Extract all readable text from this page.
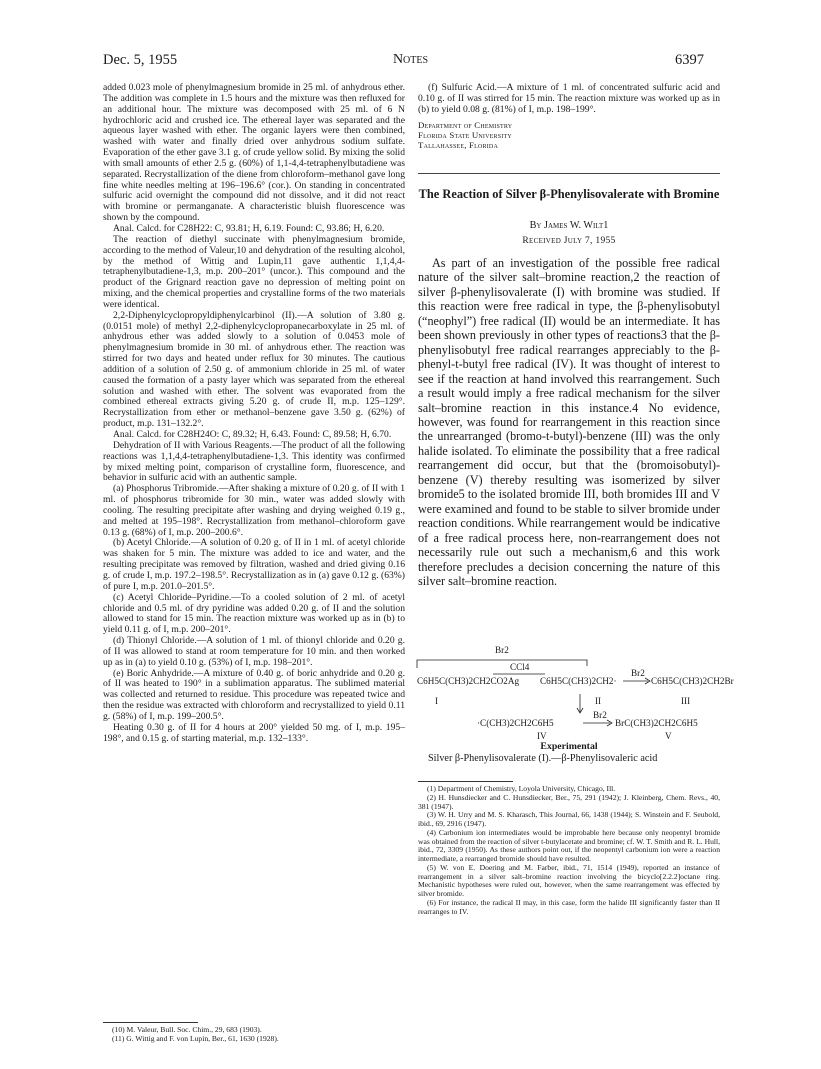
Dec. 5, 1955	Notes	6397

added 0.023 mole of phenylmagnesium bromide in 25 ml. of anhydrous ether. The addition was complete in 1.5 hours and the mixture was then refluxed for an additional hour. The mixture was decomposed with 25 ml. of 6 N hydrochloric acid and crushed ice. The ethereal layer was separated and the aqueous layer washed with ether. The organic layers were then combined, washed with water and finally dried over anhydrous sodium sulfate. Evaporation of the ether gave 3.1 g. of crude yellow solid. By mixing the solid with small amounts of ether 2.5 g. (60%) of 1,1-4,4-tetraphenylbutadiene was separated. Recrystallization of the diene from chloroform–methanol gave long fine white needles melting at 196–196.6° (cor.). On standing in concentrated sulfuric acid overnight the compound did not dissolve, and it did not react with bromine or permanganate. A characteristic bluish fluorescence was shown by the compound.

Anal. Calcd. for C28H22: C, 93.81; H, 6.19. Found: C, 93.86; H, 6.20.

The reaction of diethyl succinate with phenylmagnesium bromide, according to the method of Valeur,10 and dehydration of the resulting alcohol, by the method of Wittig and Lupin,11 gave authentic 1,1,4,4-tetraphenylbutadiene-1,3, m.p. 200–201° (uncor.). This compound and the product of the Grignard reaction gave no depression of melting point on mixing, and the chemical properties and crystalline forms of the two materials were identical.

2,2-Diphenylcyclopropyldiphenylcarbinol (II).—A solution of 3.80 g. (0.0151 mole) of methyl 2,2-diphenylcyclopropanecarboxylate in 25 ml. of anhydrous ether was added slowly to a solution of 0.0453 mole of phenylmagnesium bromide in 30 ml. of anhydrous ether. The reaction was stirred for two days and heated under reflux for 30 minutes. The cautious addition of a solution of 2.50 g. of ammonium chloride in 25 ml. of water caused the formation of a pasty layer which was separated from the ethereal solution and washed with ether. The solvent was evaporated from the combined ethereal extracts giving 5.20 g. of crude II, m.p. 125–129°. Recrystallization from ether or methanol–benzene gave 3.50 g. (62%) of product, m.p. 131–132.2°.

Anal. Calcd. for C28H24O: C, 89.32; H, 6.43. Found: C, 89.58; H, 6.70.

Dehydration of II with Various Reagents.—The product of all the following reactions was 1,1,4,4-tetraphenylbutadiene-1,3. This identity was confirmed by mixed melting point, comparison of crystalline form, fluorescence, and behavior in sulfuric acid with an authentic sample.

(a) Phosphorus Tribromide.—After shaking a mixture of 0.20 g. of II with 1 ml. of phosphorus tribromide for 30 min., water was added slowly with cooling. The resulting precipitate after washing and drying weighed 0.19 g., and melted at 195–198°. Recrystallization from methanol–chloroform gave 0.13 g. (68%) of I, m.p. 200–200.6°.

(b) Acetyl Chloride.—A solution of 0.20 g. of II in 1 ml. of acetyl chloride was shaken for 5 min. The mixture was added to ice and water, and the resulting precipitate was removed by filtration, washed and dried giving 0.16 g. of crude I, m.p. 197.2–198.5°. Recrystallization as in (a) gave 0.12 g. (63%) of pure I, m.p. 201.0–201.5°.

(c) Acetyl Chloride–Pyridine.—To a cooled solution of 2 ml. of acetyl chloride and 0.5 ml. of dry pyridine was added 0.20 g. of II and the solution allowed to stand for 15 min. The reaction mixture was worked up as in (b) to yield 0.11 g. of I, m.p. 200–201°.

(d) Thionyl Chloride.—A solution of 1 ml. of thionyl chloride and 0.20 g. of II was allowed to stand at room temperature for 10 min. and then worked up as in (a) to yield 0.10 g. (53%) of I, m.p. 198–201°.

(e) Boric Anhydride.—A mixture of 0.40 g. of boric anhydride and 0.20 g. of II was heated to 190° in a sublimation apparatus. The sublimed material was collected and returned to residue. This procedure was repeated twice and then the residue was extracted with chloroform and recrystallized to yield 0.11 g. (58%) of I, m.p. 199–200.5°.

Heating 0.30 g. of II for 4 hours at 200° yielded 50 mg. of I, m.p. 195–198°, and 0.15 g. of starting material, m.p. 132–133°.

(10) M. Valeur, Bull. Soc. Chim., 29, 683 (1903).

(11) G. Wittig and F. von Lupin, Ber., 61, 1630 (1928).

(f) Sulfuric Acid.—A mixture of 1 ml. of concentrated sulfuric acid and 0.10 g. of II was stirred for 15 min. The reaction mixture was worked up as in (b) to yield 0.08 g. (81%) of I, m.p. 198–199°.

Department of Chemistry
Florida State University
Tallahassee, Florida
The Reaction of Silver β-Phenylisovalerate with Bromine
By James W. Wilt1
Received July 7, 1955

As part of an investigation of the possible free radical nature of the silver salt–bromine reaction,2 the reaction of silver β-phenylisovalerate (I) with bromine was studied. If this reaction were free radical in type, the β-phenylisobutyl (“neophyl”) free radical (II) would be an intermediate. It has been shown previously in other types of reactions3 that the β-phenylisobutyl free radical rearranges appreciably to the β-phenyl-t-butyl free radical (IV). It was thought of interest to see if the reaction at hand involved this rearrangement. Such a result would imply a free radical mechanism for the silver salt–bromine reaction in this instance.4 No evidence, however, was found for rearrangement in this reaction since the unrearranged (bromo-t-butyl)-benzene (III) was the only halide isolated. To eliminate the possibility that a free radical rearrangement did occur, but that the (bromoisobutyl)-benzene (V) thereby resulting was isomerized by silver bromide5 to the isolated bromide III, both bromides III and V were examined and found to be stable to silver bromide under reaction conditions. While rearrangement would be indicative of a free radical process here, non-rearrangement does not necessarily rule out such a mechanism,6 and this work therefore precludes a decision concerning the nature of this silver salt–bromine reaction.

Br2
CCl4
C6H5C(CH3)2CH2CO2Ag C6H5C(CH3)2CH2·
Br2
C6H5C(CH3)2CH2Br
I	II	III
·C(CH3)2CH2C6H5
Br2
BrC(CH3)2CH2C6H5
IV	V
Experimental
Silver β-Phenylisovalerate (I).—β-Phenylisovaleric acid

(1) Department of Chemistry, Loyola University, Chicago, Ill.

(2) H. Hunsdiecker and C. Hunsdiecker, Ber., 75, 291 (1942); J. Kleinberg, Chem. Revs., 40, 381 (1947).

(3) W. H. Urry and M. S. Kharasch, This Journal, 66, 1438 (1944); S. Winstein and F. Seubold, ibid., 69, 2916 (1947).

(4) Carbonium ion intermediates would be improbable here because only neopentyl bromide was obtained from the reaction of silver t-butylacetate and bromine; cf. W. T. Smith and R. L. Hull, ibid., 72, 3309 (1950). As these authors point out, if the neopentyl carbonium ion were a reaction intermediate, a rearranged bromide should have resulted.

(5) W. von E. Doering and M. Farber, ibid., 71, 1514 (1949), reported an instance of rearrangement in a silver salt–bromine reaction involving the bicyclo[2.2.2]octane ring. Mechanistic hypotheses were ruled out, however, when the same rearrangement was effected by silver bromide.

(6) For instance, the radical II may, in this case, form the halide III significantly faster than II rearranges to IV.
